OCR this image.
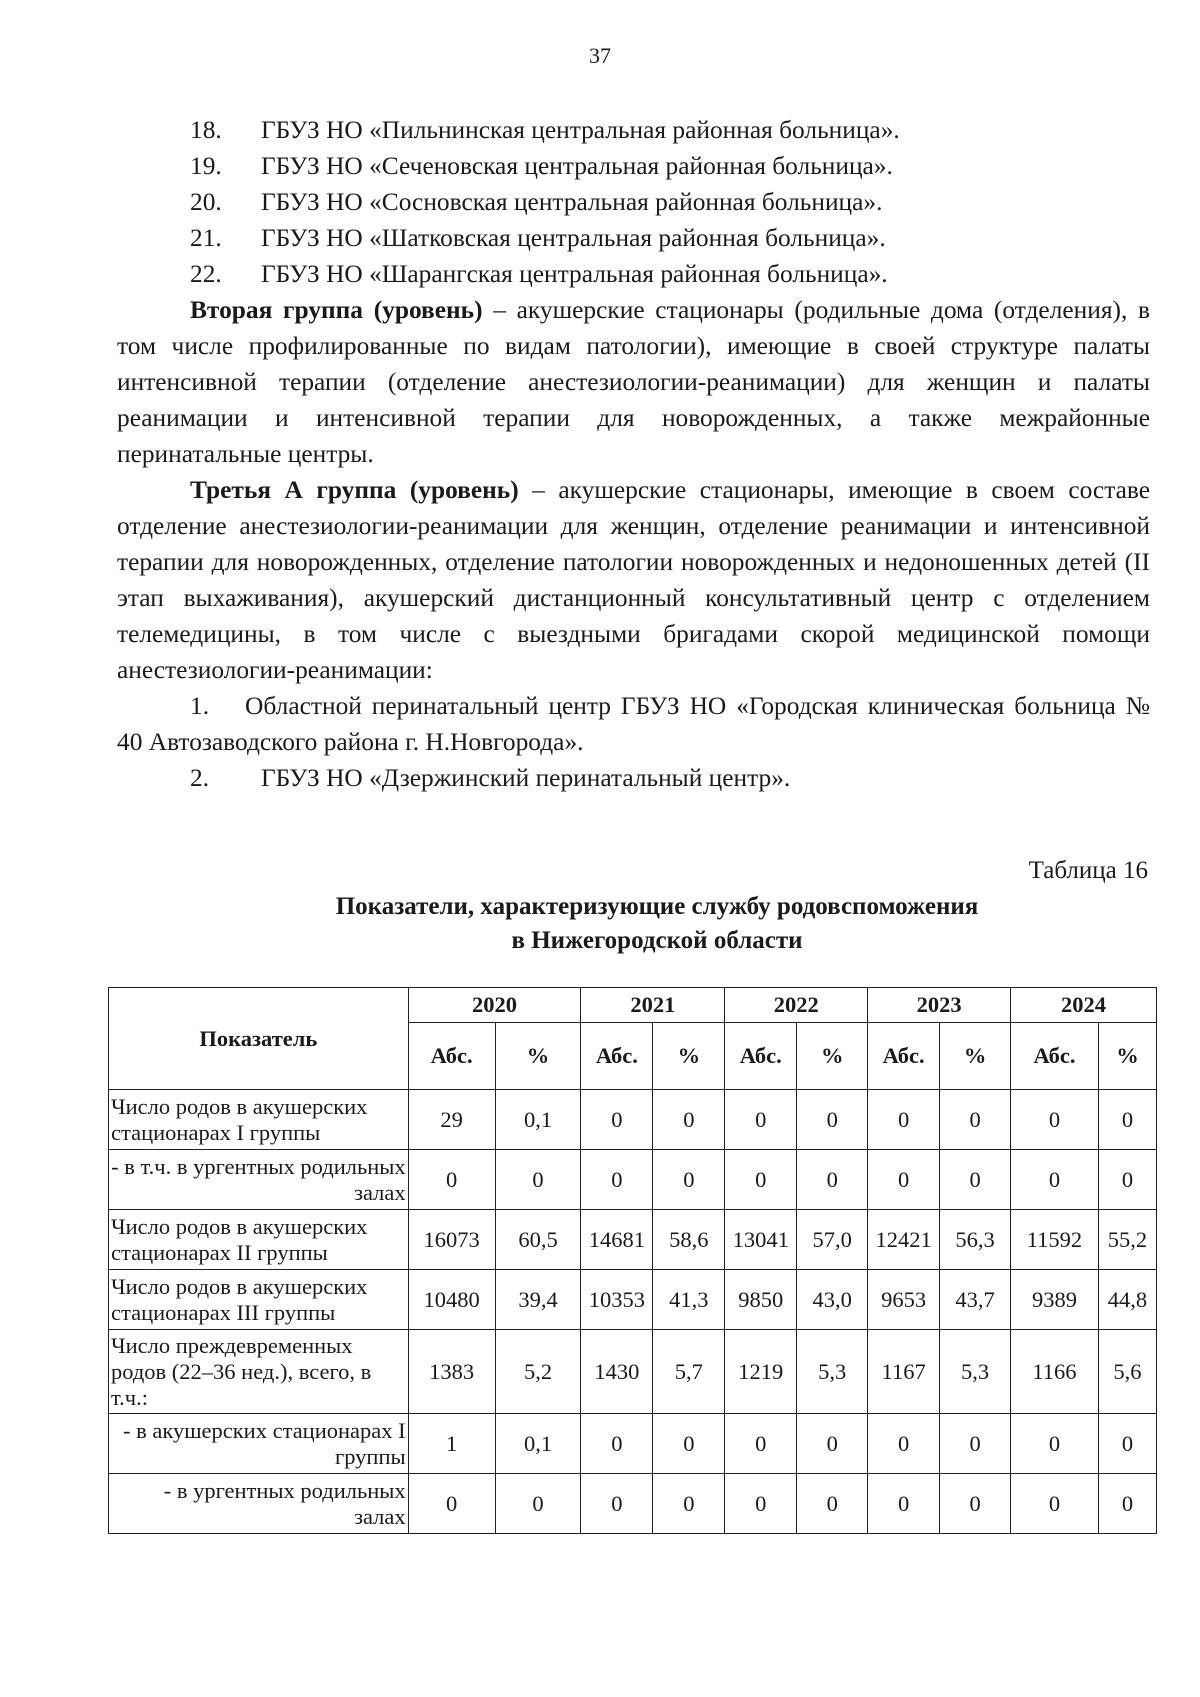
37
18.	ГБУЗ НО «Пильнинская центральная районная больница».
19.	ГБУЗ НО «Сеченовская центральная районная больница».
20.	ГБУЗ НО «Сосновская центральная районная больница».
21.	ГБУЗ НО «Шатковская центральная районная больница».
22.	ГБУЗ НО «Шарангская центральная районная больница».
Вторая группа (уровень) – акушерские стационары (родильные дома (отделения), в том числе профилированные по видам патологии), имеющие в своей структуре палаты интенсивной терапии (отделение анестезиологии-реанимации) для женщин и палаты реанимации и интенсивной терапии для новорожденных, а также межрайонные перинатальные центры.
Третья А группа (уровень) – акушерские стационары, имеющие в своем составе отделение анестезиологии-реанимации для женщин, отделение реанимации и интенсивной терапии для новорожденных, отделение патологии новорожденных и недоношенных детей (II этап выхаживания), акушерский дистанционный консультативный центр с отделением телемедицины, в том числе с выездными бригадами скорой медицинской помощи анестезиологии-реанимации:
1. Областной перинатальный центр ГБУЗ НО «Городская клиническая больница № 40 Автозаводского района г. Н.Новгорода».
2.	ГБУЗ НО «Дзержинский перинатальный центр».
Таблица 16
Показатели, характеризующие службу родовспоможения
в Нижегородской области
Показатель	2020		2021		2022		2023		2024	
	Абс.	%	Абс.	%	Абс.	%	Абс.	%	Абс.	%
Число родов в акушерских стационарах I группы	29	0,1	0	0	0	0	0	0	0	0
- в т.ч. в ургентных родильных залах	0	0	0	0	0	0	0	0	0	0
Число родов в акушерских стационарах II группы	16073	60,5	14681	58,6	13041	57,0	12421	56,3	11592	55,2
Число родов в акушерских стационарах III группы	10480	39,4	10353	41,3	9850	43,0	9653	43,7	9389	44,8
Число преждевременных родов (22–36 нед.), всего, в т.ч.:	1383	5,2	1430	5,7	1219	5,3	1167	5,3	1166	5,6
- в акушерских стационарах I группы	1	0,1	0	0	0	0	0	0	0	0
- в ургентных родильных залах	0	0	0	0	0	0	0	0	0	0
